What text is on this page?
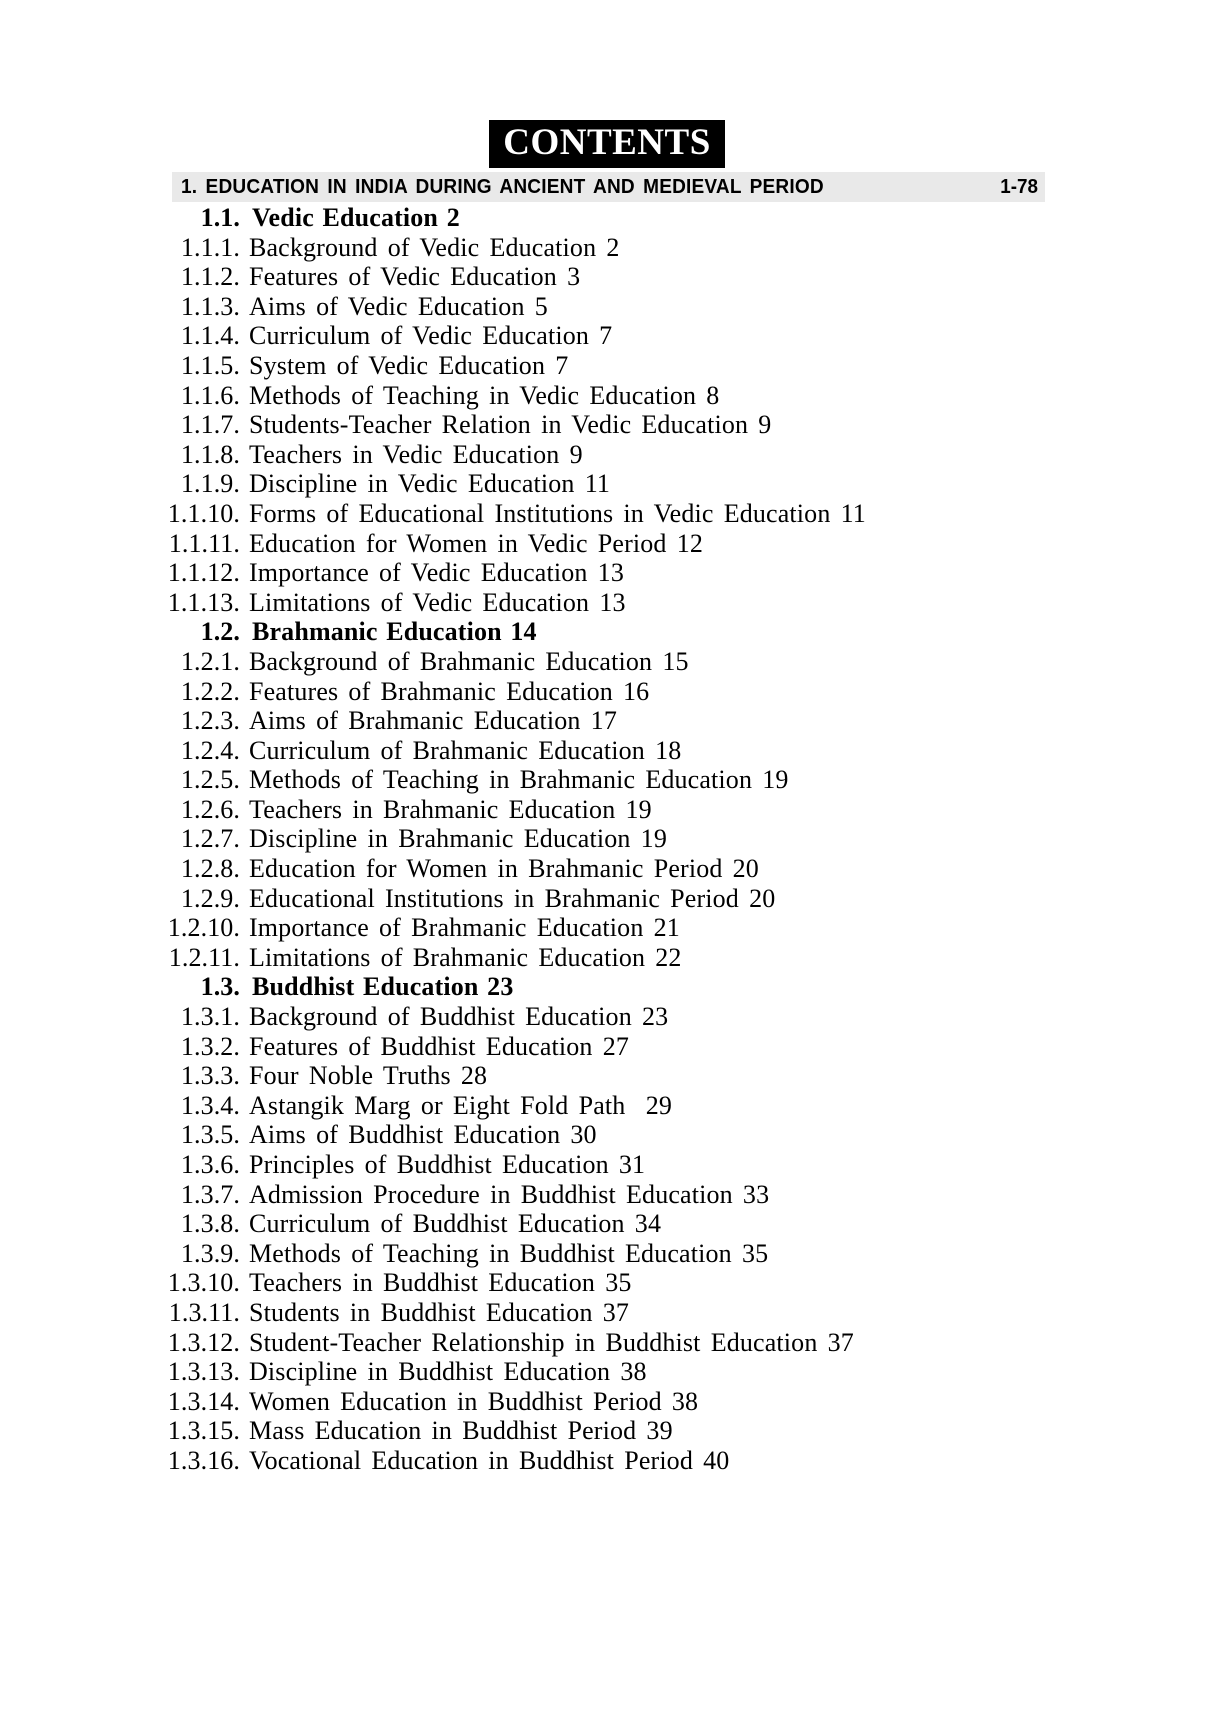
CONTENTS
1. EDUCATION IN INDIA DURING ANCIENT AND MEDIEVAL PERIOD	1-78
1.1. Vedic Education 2
1.1.1. Background of Vedic Education 2
1.1.2. Features of Vedic Education 3
1.1.3. Aims of Vedic Education 5
1.1.4. Curriculum of Vedic Education 7
1.1.5. System of Vedic Education 7
1.1.6. Methods of Teaching in Vedic Education 8
1.1.7. Students-Teacher Relation in Vedic Education 9
1.1.8. Teachers in Vedic Education 9
1.1.9. Discipline in Vedic Education 11
1.1.10. Forms of Educational Institutions in Vedic Education 11
1.1.11. Education for Women in Vedic Period 12
1.1.12. Importance of Vedic Education 13
1.1.13. Limitations of Vedic Education 13
1.2. Brahmanic Education 14
1.2.1. Background of Brahmanic Education 15
1.2.2. Features of Brahmanic Education 16
1.2.3. Aims of Brahmanic Education 17
1.2.4. Curriculum of Brahmanic Education 18
1.2.5. Methods of Teaching in Brahmanic Education 19
1.2.6. Teachers in Brahmanic Education 19
1.2.7. Discipline in Brahmanic Education 19
1.2.8. Education for Women in Brahmanic Period 20
1.2.9. Educational Institutions in Brahmanic Period 20
1.2.10. Importance of Brahmanic Education 21
1.2.11. Limitations of Brahmanic Education 22
1.3. Buddhist Education 23
1.3.1. Background of Buddhist Education 23
1.3.2. Features of Buddhist Education 27
1.3.3. Four Noble Truths 28
1.3.4. Astangik Marg or Eight Fold Path  29
1.3.5. Aims of Buddhist Education 30
1.3.6. Principles of Buddhist Education 31
1.3.7. Admission Procedure in Buddhist Education 33
1.3.8. Curriculum of Buddhist Education 34
1.3.9. Methods of Teaching in Buddhist Education 35
1.3.10. Teachers in Buddhist Education 35
1.3.11. Students in Buddhist Education 37
1.3.12. Student-Teacher Relationship in Buddhist Education 37
1.3.13. Discipline in Buddhist Education 38
1.3.14. Women Education in Buddhist Period 38
1.3.15. Mass Education in Buddhist Period 39
1.3.16. Vocational Education in Buddhist Period 40
